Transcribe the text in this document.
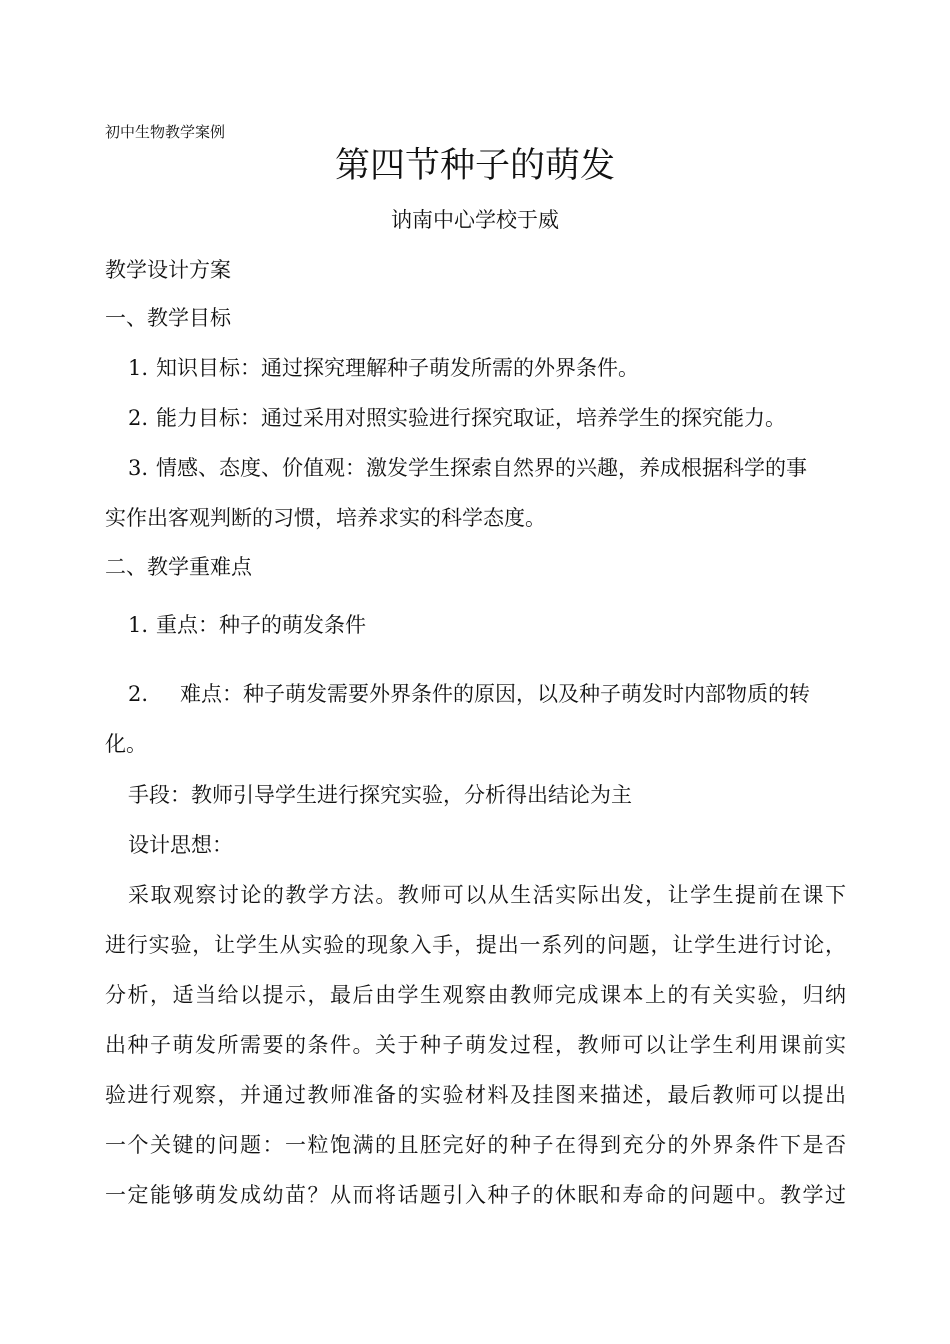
初中生物教学案例
第四节种子的萌发
讷南中心学校于威
教学设计方案
一、教学目标
1. 知识目标：通过探究理解种子萌发所需的外界条件。
2. 能力目标：通过采用对照实验进行探究取证，培养学生的探究能力。
3. 情感、态度、价值观：激发学生探索自然界的兴趣，养成根据科学的事
实作出客观判断的习惯，培养求实的科学态度。
二、教学重难点
1. 重点：种子的萌发条件
2. 难点：种子萌发需要外界条件的原因，以及种子萌发时内部物质的转
化。
手段：教师引导学生进行探究实验，分析得出结论为主
设计思想：
采取观察讨论的教学方法。教师可以从生活实际出发，让学生提前在课下
进行实验，让学生从实验的现象入手，提出一系列的问题，让学生进行讨论，
分析，适当给以提示，最后由学生观察由教师完成课本上的有关实验，归纳
出种子萌发所需要的条件。关于种子萌发过程，教师可以让学生利用课前实
验进行观察，并通过教师准备的实验材料及挂图来描述，最后教师可以提出
一个关键的问题：一粒饱满的且胚完好的种子在得到充分的外界条件下是否
一定能够萌发成幼苗？从而将话题引入种子的休眠和寿命的问题中。教学过
